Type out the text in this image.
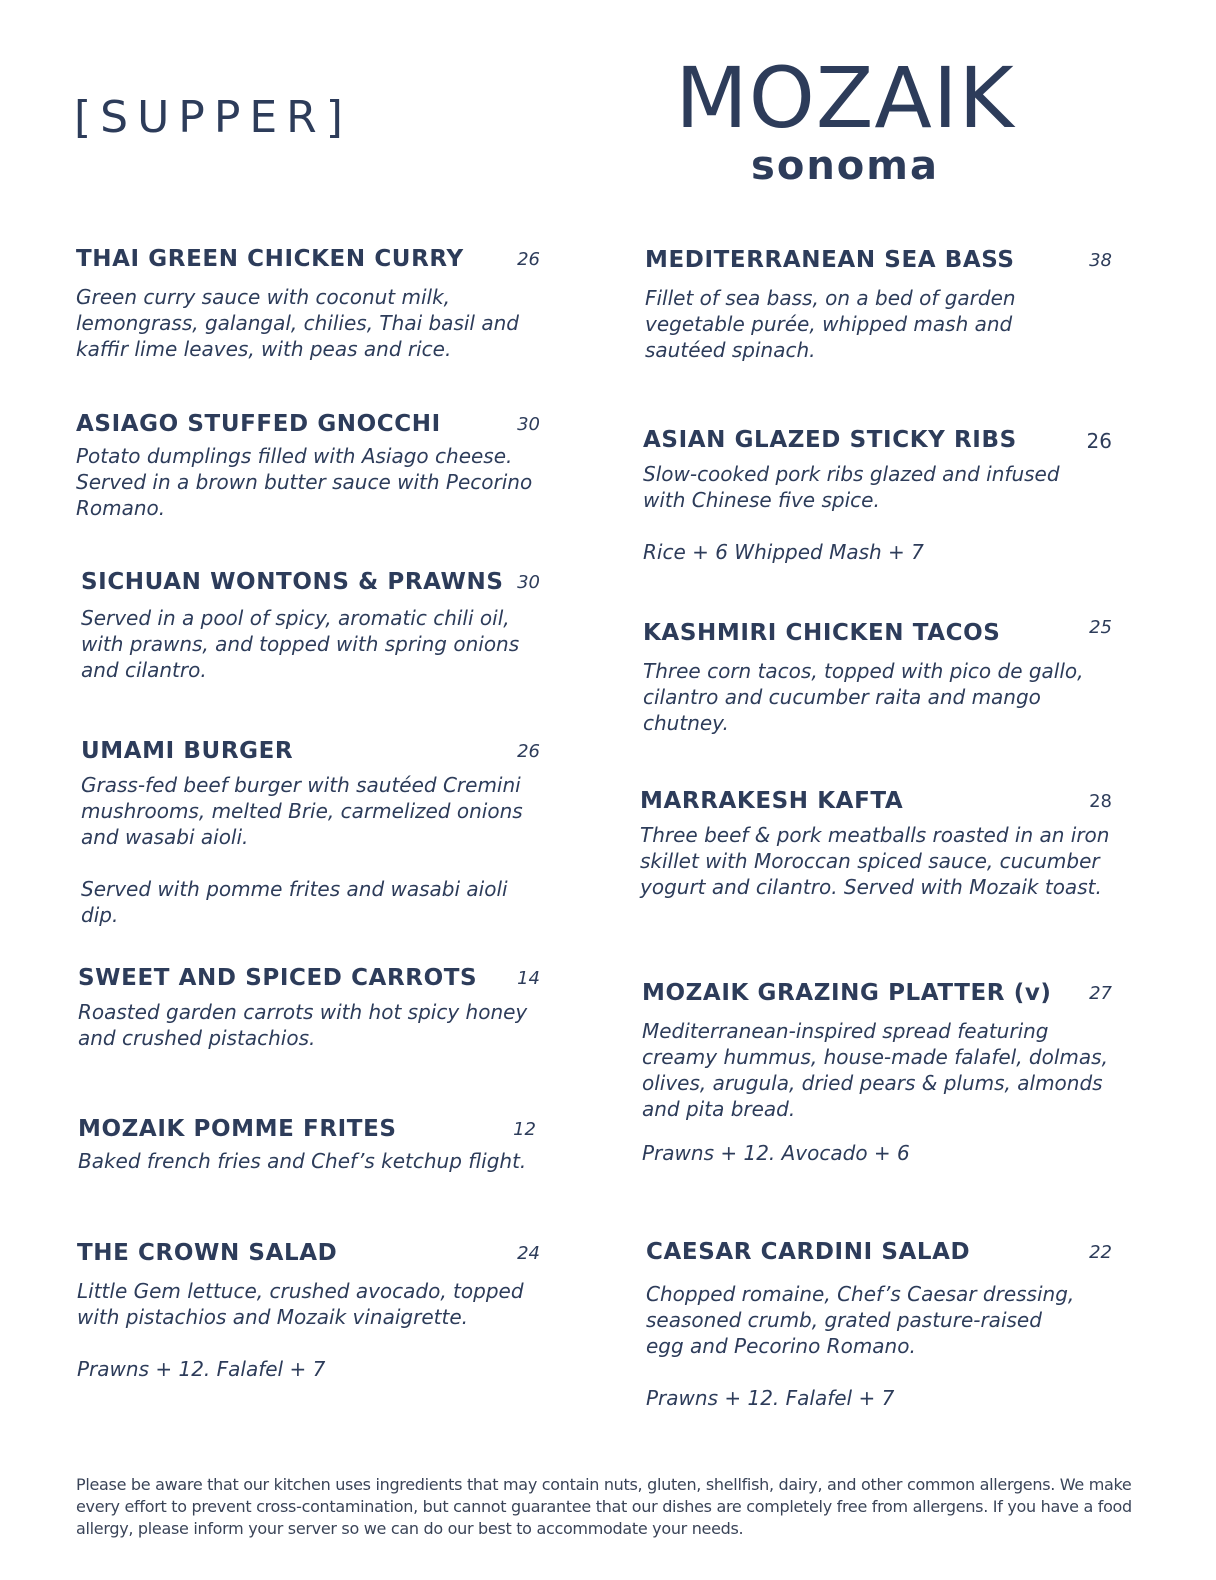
[SUPPER]	MOZAIK
sonoma
THAI GREEN CHICKEN CURRY	26
Green curry sauce with coconut milk,
lemongrass, galangal, chilies, Thai basil and
kaffir lime leaves, with peas and rice.
ASIAGO STUFFED GNOCCHI	30
Potato dumplings filled with Asiago cheese.
Served in a brown butter sauce with Pecorino
Romano.
SICHUAN WONTONS & PRAWNS 30
Served in a pool of spicy, aromatic chili oil,
with prawns, and topped with spring onions
and cilantro.
UMAMI BURGER	26
Grass-fed beef burger with sautéed Cremini
mushrooms, melted Brie, carmelized onions
and wasabi aioli.
Served with pomme frites and wasabi aioli dip.
SWEET AND SPICED CARROTS 14
Roasted garden carrots with hot spicy honey
and crushed pistachios.
MOZAIK POMME FRITES	12
Baked french fries and Chef’s ketchup flight.
THE CROWN SALAD	24
Little Gem lettuce, crushed avocado, topped
with pistachios and Mozaik vinaigrette.
Prawns + 12. Falafel + 7
MEDITERRANEAN SEA BASS	38
Fillet of sea bass, on a bed of garden
vegetable purée, whipped mash and
sautéed spinach.
ASIAN GLAZED STICKY RIBS	26
Slow-cooked pork ribs glazed and infused
with Chinese five spice.
Rice + 6 Whipped Mash + 7
KASHMIRI CHICKEN TACOS	25
Three corn tacos, topped with pico de gallo,
cilantro and cucumber raita and mango
chutney.
MARRAKESH KAFTA	28
Three beef & pork meatballs roasted in an iron
skillet with Moroccan spiced sauce, cucumber
yogurt and cilantro. Served with Mozaik toast.
MOZAIK GRAZING PLATTER (v) 27
Mediterranean-inspired spread featuring
creamy hummus, house-made falafel, dolmas,
olives, arugula, dried pears & plums, almonds
and pita bread.
Prawns + 12. Avocado + 6
CAESAR CARDINI SALAD	22
Chopped romaine, Chef’s Caesar dressing,
seasoned crumb, grated pasture-raised
egg and Pecorino Romano.
Prawns + 12. Falafel + 7
Please be aware that our kitchen uses ingredients that may contain nuts, gluten, shellfish, dairy, and other common allergens. We make every effort to prevent cross-contamination, but cannot guarantee that our dishes are completely free from allergens. If you have a food allergy, please inform your server so we can do our best to accommodate your needs.
